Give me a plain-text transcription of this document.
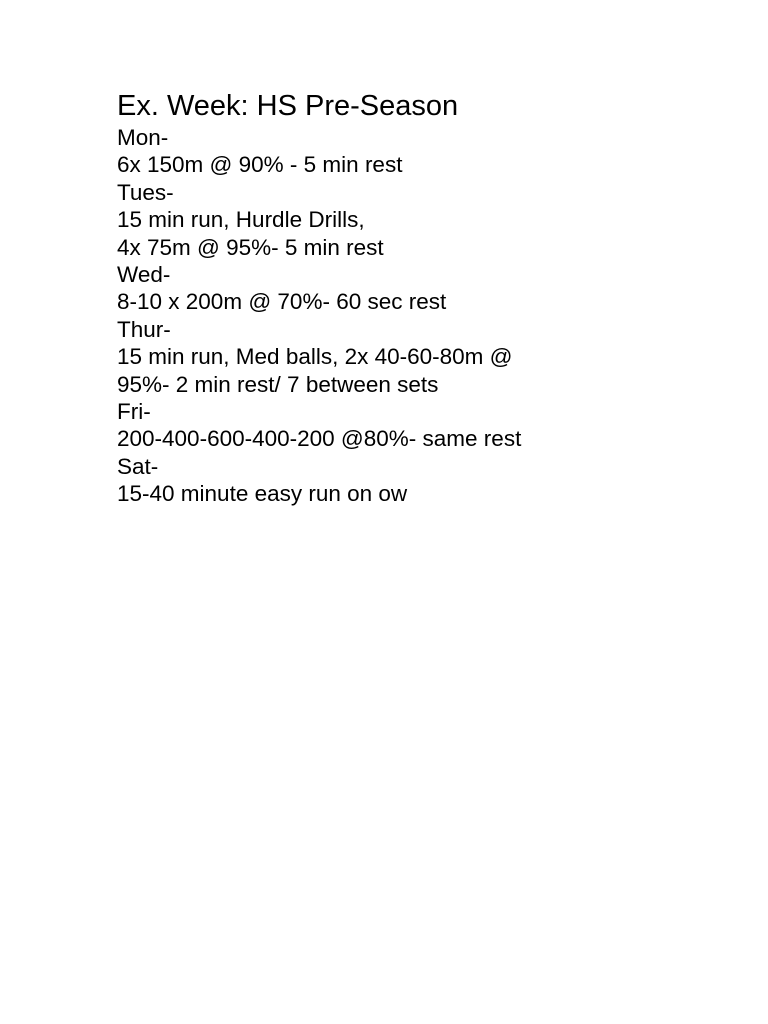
Ex. Week: HS Pre-Season

Mon-

6x 150m @ 90% - 5 min rest

Tues-

15 min run, Hurdle Drills,

4x 75m @ 95%- 5 min rest

Wed-

8-10 x 200m @ 70%- 60 sec rest

Thur-

15 min run, Med balls, 2x 40-60-80m @

95%- 2 min rest/ 7 between sets

Fri-

200-400-600-400-200 @80%- same rest

Sat-

15-40 minute easy run on ow
